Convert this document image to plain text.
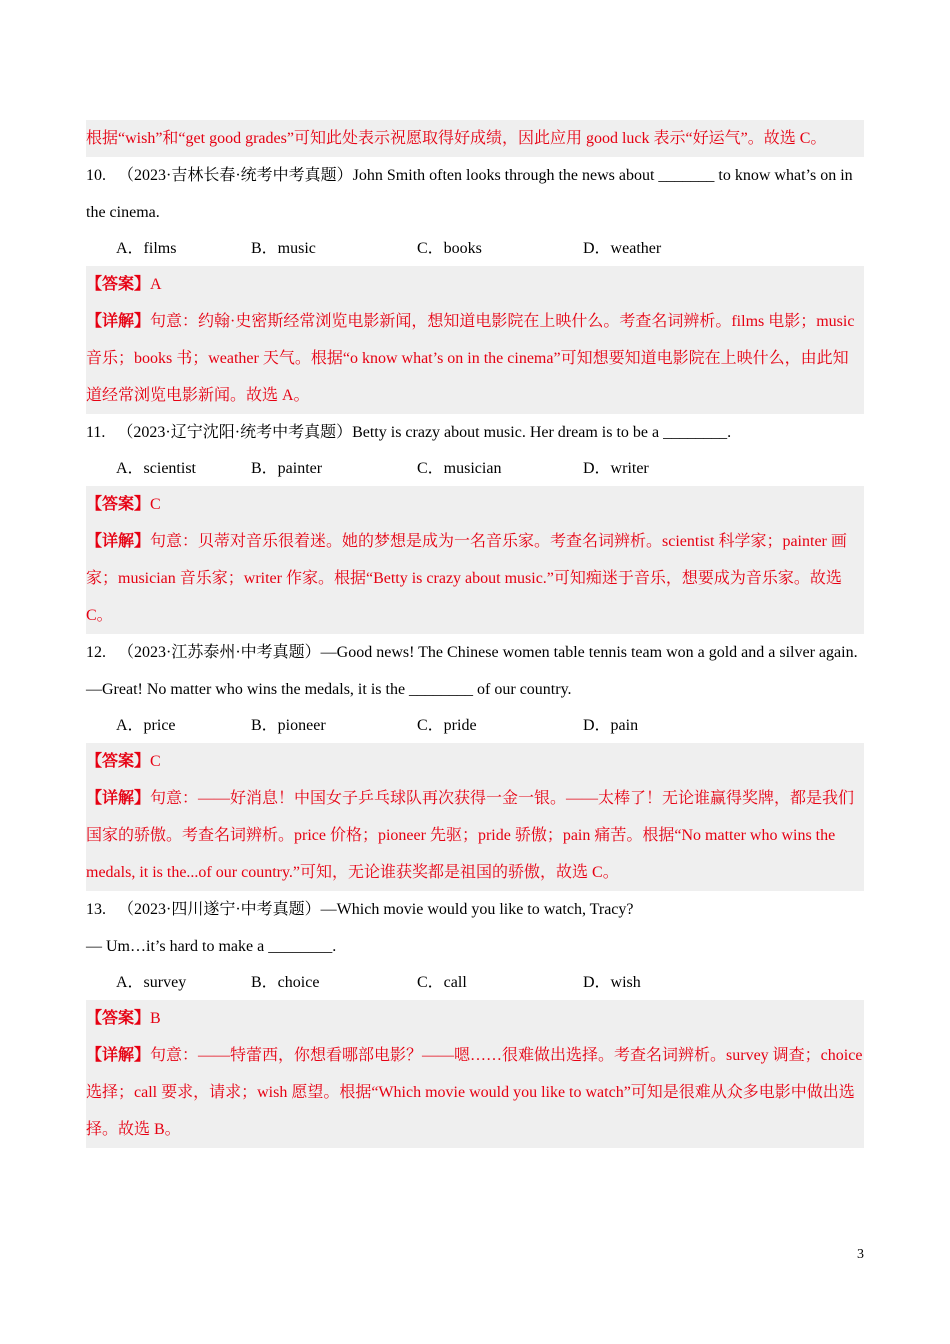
根据“wish”和“get good grades”可知此处表示祝愿取得好成绩，因此应用 good luck 表示“好运气”。故选 C。
10. （2023·吉林长春·统考中考真题）John Smith often looks through the news about _______ to know what’s on in the cinema.
A．films	B．music	C．books	D．weather
【答案】A
【详解】句意：约翰·史密斯经常浏览电影新闻，想知道电影院在上映什么。考查名词辨析。films 电影；music 音乐；books 书；weather 天气。根据“o know what’s on in the cinema”可知想要知道电影院在上映什么，由此知道经常浏览电影新闻。故选 A。
11. （2023·辽宁沈阳·统考中考真题）Betty is crazy about music. Her dream is to be a ________.
A．scientist	B．painter	C．musician	D．writer
【答案】C
【详解】句意：贝蒂对音乐很着迷。她的梦想是成为一名音乐家。考查名词辨析。scientist 科学家；painter 画家；musician 音乐家；writer 作家。根据“Betty is crazy about music.”可知痴迷于音乐，想要成为音乐家。故选 C。
12. （2023·江苏泰州·中考真题）—Good news! The Chinese women table tennis team won a gold and a silver again.
—Great! No matter who wins the medals, it is the ________ of our country.
A．price	B．pioneer	C．pride	D．pain
【答案】C
【详解】句意：——好消息！中国女子乒乓球队再次获得一金一银。——太棒了！无论谁赢得奖牌，都是我们国家的骄傲。考查名词辨析。price 价格；pioneer 先驱；pride 骄傲；pain 痛苦。根据“No matter who wins the medals, it is the...of our country.”可知，无论谁获奖都是祖国的骄傲，故选 C。
13. （2023·四川遂宁·中考真题）—Which movie would you like to watch, Tracy?
— Um…it’s hard to make a ________.
A．survey	B．choice	C．call	D．wish
【答案】B
【详解】句意：——特蕾西，你想看哪部电影？——嗯……很难做出选择。考查名词辨析。survey 调查；choice 选择；call 要求，请求；wish 愿望。根据“Which movie would you like to watch”可知是很难从众多电影中做出选择。故选 B。
3
